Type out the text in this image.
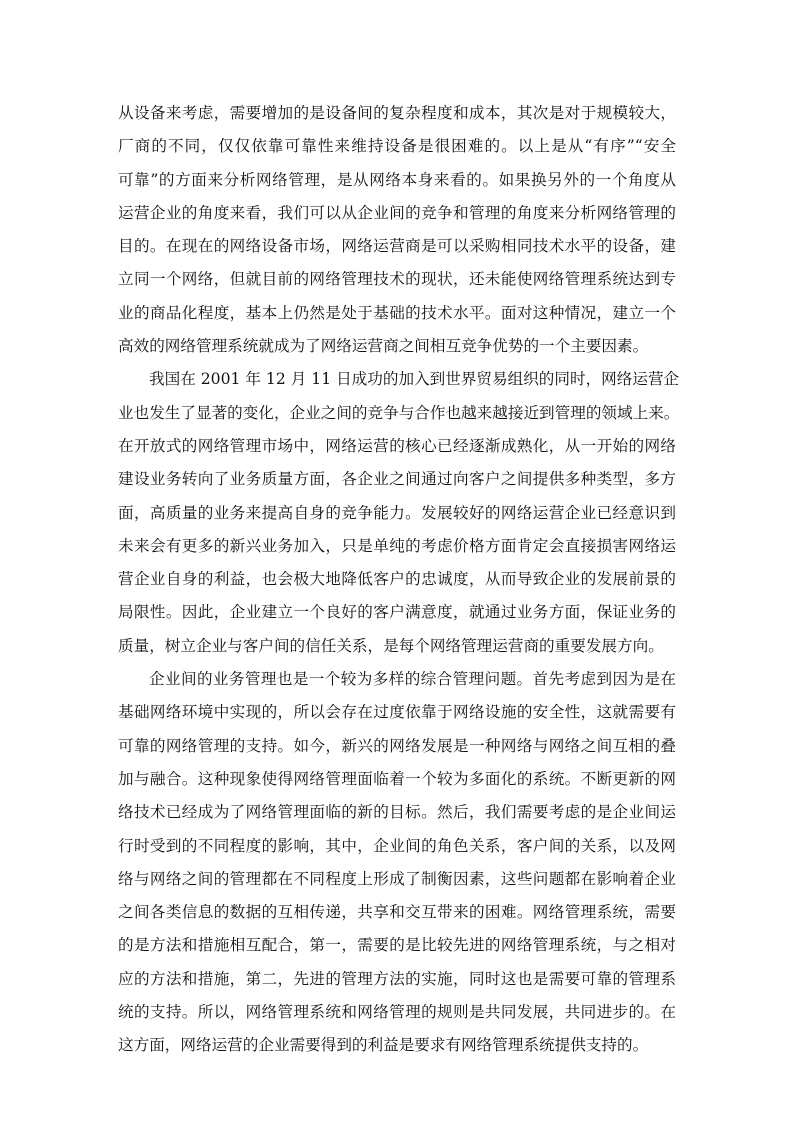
从设备来考虑，需要增加的是设备间的复杂程度和成本，其次是对于规模较大，
厂商的不同，仅仅依靠可靠性来维持设备是很困难的。以上是从“有序”“安全
可靠”的方面来分析网络管理，是从网络本身来看的。如果换另外的一个角度从
运营企业的角度来看，我们可以从企业间的竞争和管理的角度来分析网络管理的
目的。在现在的网络设备市场，网络运营商是可以采购相同技术水平的设备，建
立同一个网络，但就目前的网络管理技术的现状，还未能使网络管理系统达到专
业的商品化程度，基本上仍然是处于基础的技术水平。面对这种情况，建立一个
高效的网络管理系统就成为了网络运营商之间相互竞争优势的一个主要因素。
我国在 2001 年 12 月 11 日成功的加入到世界贸易组织的同时，网络运营企
业也发生了显著的变化，企业之间的竞争与合作也越来越接近到管理的领域上来。
在开放式的网络管理市场中，网络运营的核心已经逐渐成熟化，从一开始的网络
建设业务转向了业务质量方面，各企业之间通过向客户之间提供多种类型，多方
面，高质量的业务来提高自身的竞争能力。发展较好的网络运营企业已经意识到
未来会有更多的新兴业务加入，只是单纯的考虑价格方面肯定会直接损害网络运
营企业自身的利益，也会极大地降低客户的忠诚度，从而导致企业的发展前景的
局限性。因此，企业建立一个良好的客户满意度，就通过业务方面，保证业务的
质量，树立企业与客户间的信任关系，是每个网络管理运营商的重要发展方向。
企业间的业务管理也是一个较为多样的综合管理问题。首先考虑到因为是在
基础网络环境中实现的，所以会存在过度依靠于网络设施的安全性，这就需要有
可靠的网络管理的支持。如今，新兴的网络发展是一种网络与网络之间互相的叠
加与融合。这种现象使得网络管理面临着一个较为多面化的系统。不断更新的网
络技术已经成为了网络管理面临的新的目标。然后，我们需要考虑的是企业间运
行时受到的不同程度的影响，其中，企业间的角色关系，客户间的关系，以及网
络与网络之间的管理都在不同程度上形成了制衡因素，这些问题都在影响着企业
之间各类信息的数据的互相传递，共享和交互带来的困难。网络管理系统，需要
的是方法和措施相互配合，第一，需要的是比较先进的网络管理系统，与之相对
应的方法和措施，第二，先进的管理方法的实施，同时这也是需要可靠的管理系
统的支持。所以，网络管理系统和网络管理的规则是共同发展，共同进步的。在
这方面，网络运营的企业需要得到的利益是要求有网络管理系统提供支持的。
